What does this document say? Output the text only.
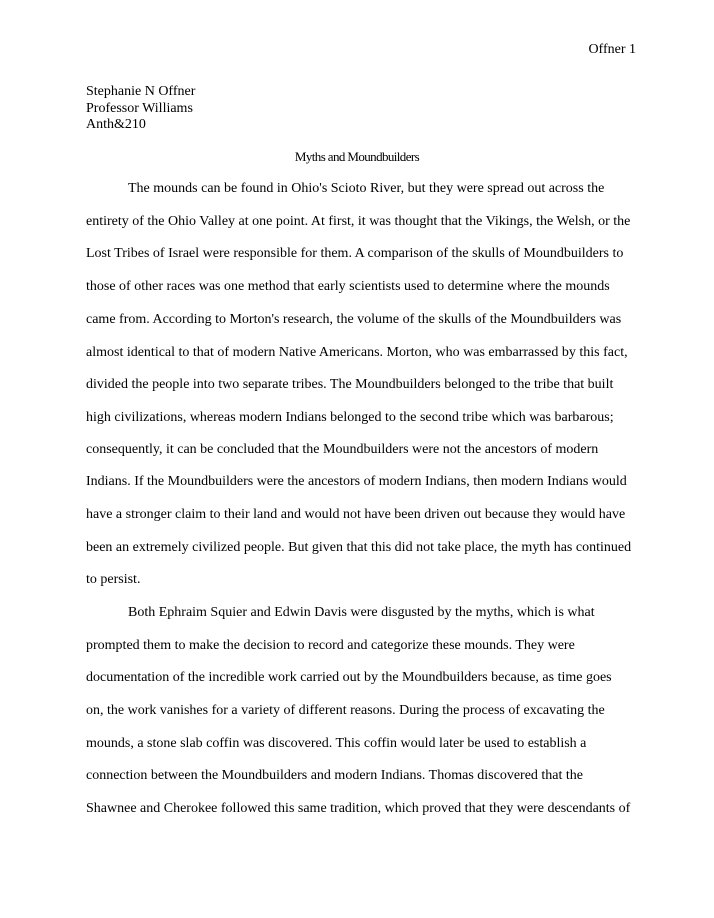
Offner 1
Stephanie N Offner
Professor Williams
Anth&210
Myths and Moundbuilders
The mounds can be found in Ohio's Scioto River, but they were spread out across the
entirety of the Ohio Valley at one point. At first, it was thought that the Vikings, the Welsh, or the
Lost Tribes of Israel were responsible for them. A comparison of the skulls of Moundbuilders to
those of other races was one method that early scientists used to determine where the mounds
came from. According to Morton's research, the volume of the skulls of the Moundbuilders was
almost identical to that of modern Native Americans. Morton, who was embarrassed by this fact,
divided the people into two separate tribes. The Moundbuilders belonged to the tribe that built
high civilizations, whereas modern Indians belonged to the second tribe which was barbarous;
consequently, it can be concluded that the Moundbuilders were not the ancestors of modern
Indians. If the Moundbuilders were the ancestors of modern Indians, then modern Indians would
have a stronger claim to their land and would not have been driven out because they would have
been an extremely civilized people. But given that this did not take place, the myth has continued
to persist.
Both Ephraim Squier and Edwin Davis were disgusted by the myths, which is what
prompted them to make the decision to record and categorize these mounds. They were
documentation of the incredible work carried out by the Moundbuilders because, as time goes
on, the work vanishes for a variety of different reasons. During the process of excavating the
mounds, a stone slab coffin was discovered. This coffin would later be used to establish a
connection between the Moundbuilders and modern Indians. Thomas discovered that the
Shawnee and Cherokee followed this same tradition, which proved that they were descendants of
